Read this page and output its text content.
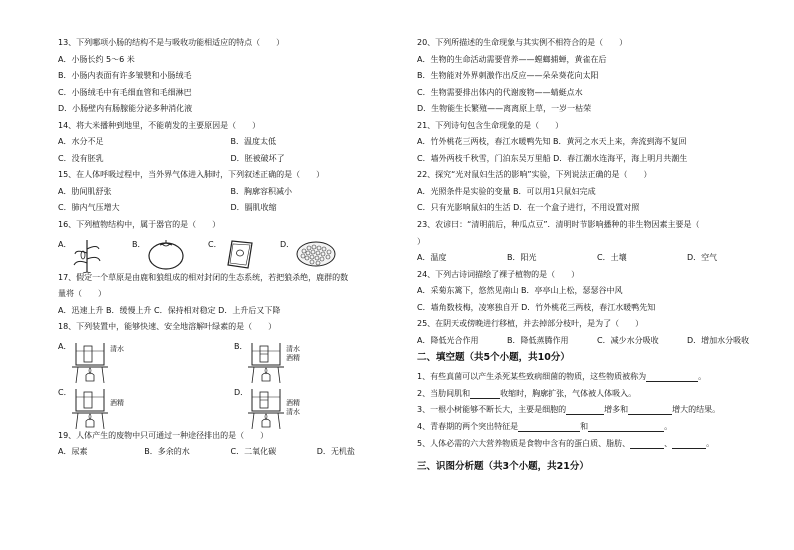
13、下列哪项小肠的结构不是与吸收功能相适应的特点（　　）
A．小肠长约 5～6 米
B．小肠内表面有许多皱襞和小肠绒毛
C．小肠绒毛中有毛细血管和毛细淋巴
D．小肠壁内有肠腺能分泌多种消化液
14、将大米播种到地里，不能萌发的主要原因是（　　）
A．水分不足	B．温度太低
C．没有胚乳	D．胚被破坏了
15、在人体呼吸过程中，当外界气体进入肺时，下列叙述正确的是（　　）
A．肋间肌舒张	B．胸廓容积减小
C．肺内气压增大	D．膈肌收缩
16、下列植物结构中，属于器官的是（　　）
A．	B．	C．	D．
17、假定一个草原是由鹿和狼组成的相对封闭的生态系统，若把狼杀绝，鹿群的数
量将（　　）
A．迅速上升 B．缓慢上升 C．保持相对稳定 D．上升后又下降
18、下列装置中，能够快速、安全地溶解叶绿素的是（　　）
A．	清水	B．	清水
酒精
C．
酒精
D．
酒精
清水
19、人体产生的废物中只可通过一种途径排出的是（　　）
A．尿素	B．多余的水	C．二氧化碳	D．无机盐
20、下列所描述的生命现象与其实例不相符合的是（　　）
A．生物的生命活动需要营养——螳螂捕蝉，黄雀在后
B．生物能对外界刺激作出反应——朵朵葵花向太阳
C．生物需要排出体内的代谢废物——蜻蜓点水
D．生物能生长繁殖——离离原上草，一岁一枯荣
21、下列诗句包含生命现象的是（　　）
A．竹外桃花三两枝，春江水暖鸭先知 B．黄河之水天上来，奔流到海不复回
C．墙外两枝千秋雪，门泊东吴万里船 D．春江潮水连海平，海上明月共潮生
22、探究“光对鼠妇生活的影响”实验，下列说法正确的是（　　）
A．光照条件是实验的变量 B．可以用1只鼠妇完成
C．只有光影响鼠妇的生活 D．在一个盒子进行，不用设置对照
23、农谚曰：“清明前后，种瓜点豆”．清明时节影响播种的非生物因素主要是（
）
A．温度	B．阳光	C．土壤	D．空气
24、下列古诗词描绘了裸子植物的是（　　）
A．采菊东篱下，悠然见南山 B．亭亭山上松，瑟瑟谷中风
C．墙角数枝梅，凌寒独自开 D．竹外桃花三两枝，春江水暖鸭先知
25、在阴天或傍晚进行移植，并去掉部分枝叶，是为了（　　）
A．降低光合作用	B．降低蒸腾作用	C．减少水分吸收	D．增加水分吸收
二、填空题（共5个小题，共10分）
1、有些真菌可以产生杀死某些致病细菌的物质，这些物质被称为	。
2、当肋间肌和	收缩时，胸廓扩张，气体被人体吸入。
3、一根小树能够不断长大，主要是细胞的	增多和	增大的结果。
4、青春期的两个突出特征是	和	。
5、人体必需的六大营养物质是食物中含有的蛋白质、脂肪、	、	。
三、识图分析题（共3个小题，共21分）
